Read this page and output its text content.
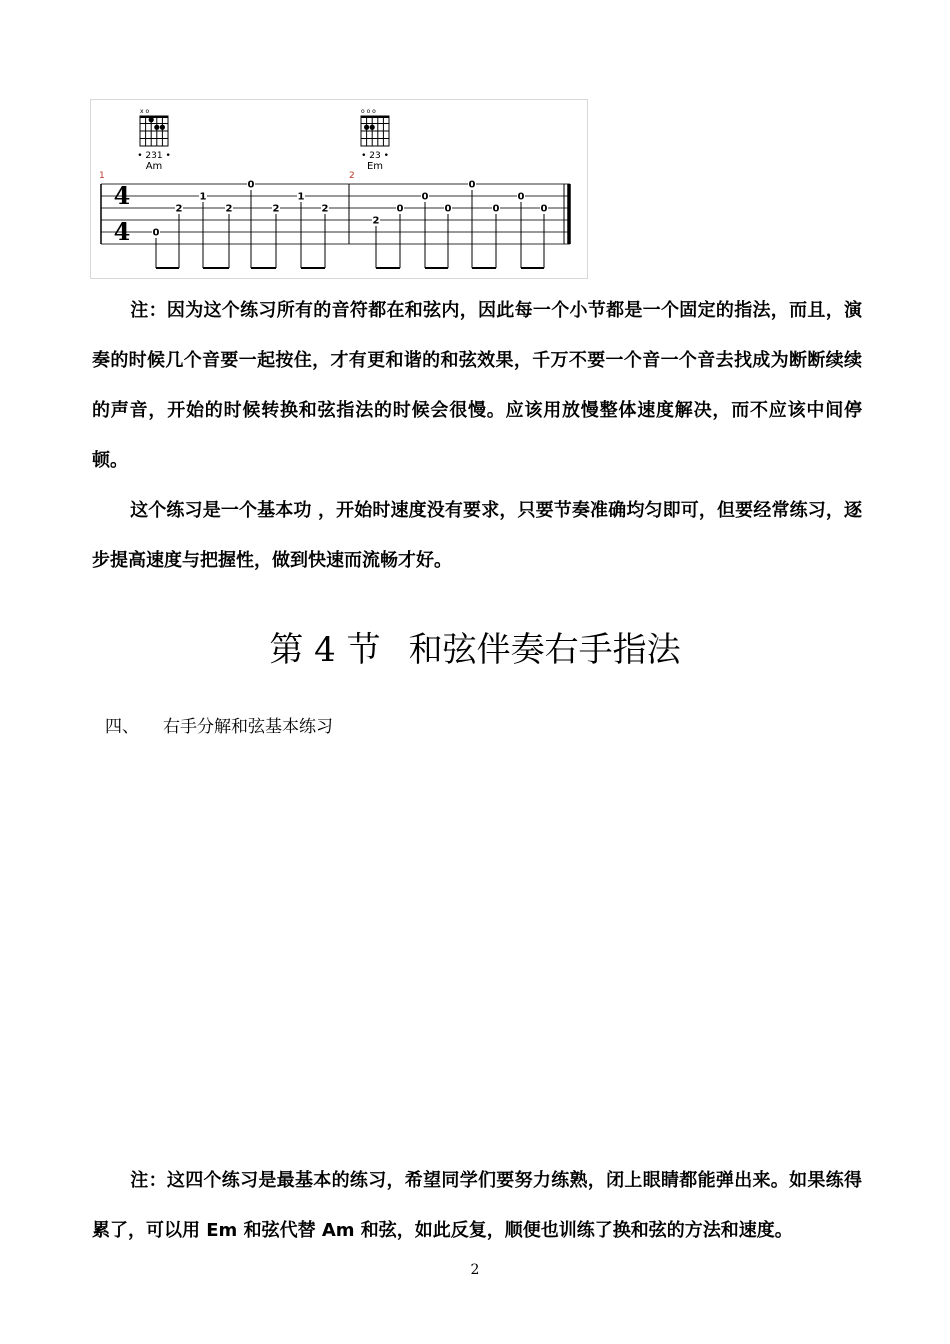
4
4
1
x o
• 231 •
Am
0
2
1
2
0
2
1
2
2
o o o
• 23 •
Em
2
0
0
0
0
0
0
0

注：因为这个练习所有的音符都在和弦内，因此每一个小节都是一个固定的指法，而且，演奏的时候几个音要一起按住，才有更和谐的和弦效果，千万不要一个音一个音去找成为断断续续的声音，开始的时候转换和弦指法的时候会很慢。应该用放慢整体速度解决，而不应该中间停顿。

这个练习是一个基本功 ，开始时速度没有要求，只要节奏准确均匀即可，但要经常练习，逐步提高速度与把握性，做到快速而流畅才好。

第 4 节 和弦伴奏右手指法

四、 右手分解和弦基本练习

注：这四个练习是最基本的练习，希望同学们要努力练熟，闭上眼睛都能弹出来。如果练得累了，可以用 Em 和弦代替 Am 和弦，如此反复，顺便也训练了换和弦的方法和速度。

2
